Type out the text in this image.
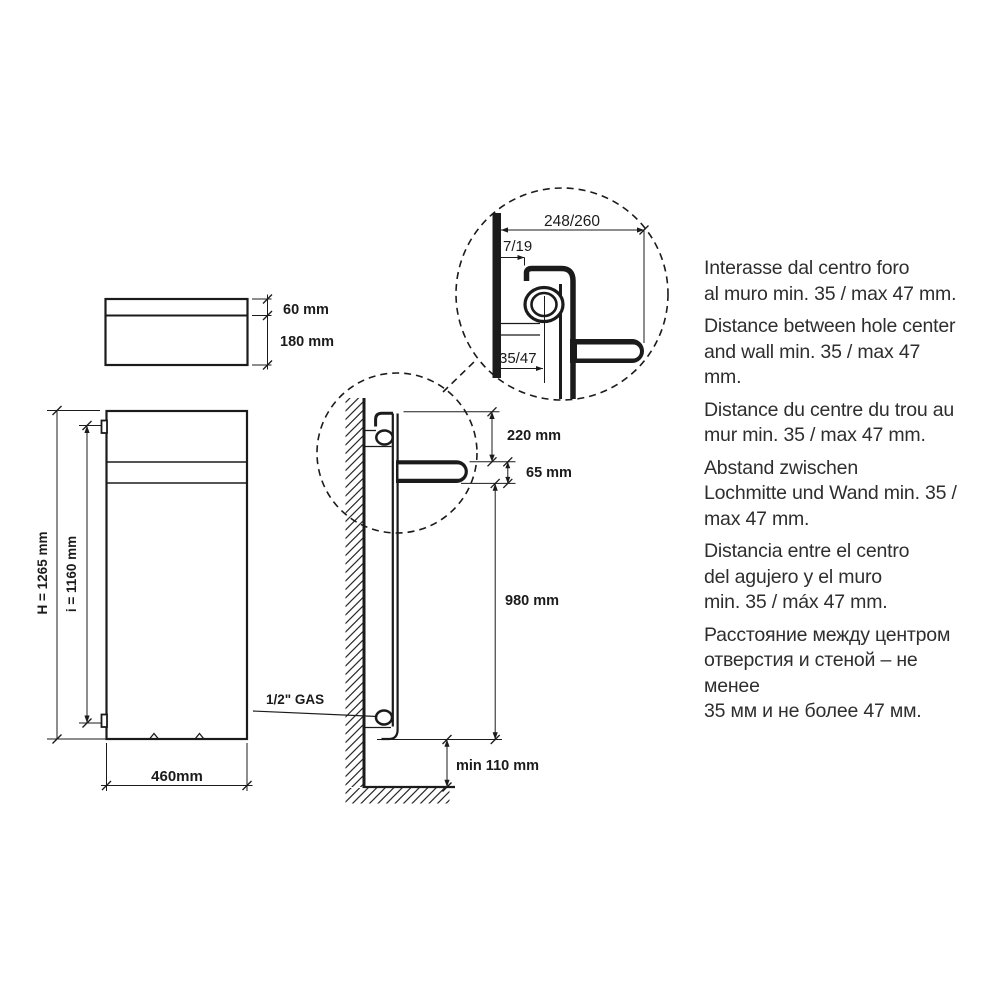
60 mm
180 mm
H = 1265 mm i = 1160 mm
460mm
1/2" GAS
220 mm
65 mm
980 mm
min 110 mm
248/260
7/19
35/47
Interasse dal centro foro
al muro min. 35 / max 47 mm.
Distance between hole center
and wall min. 35 / max 47 mm.
Distance du centre du trou au
mur min. 35 / max 47 mm.
Abstand zwischen
Lochmitte und Wand min. 35 /
max 47 mm.
Distancia entre el centro
del agujero y el muro
min. 35 / máx 47 mm.
Расстояние между центром
отверстия и стеной – не менее
35 мм и не более 47 мм.
